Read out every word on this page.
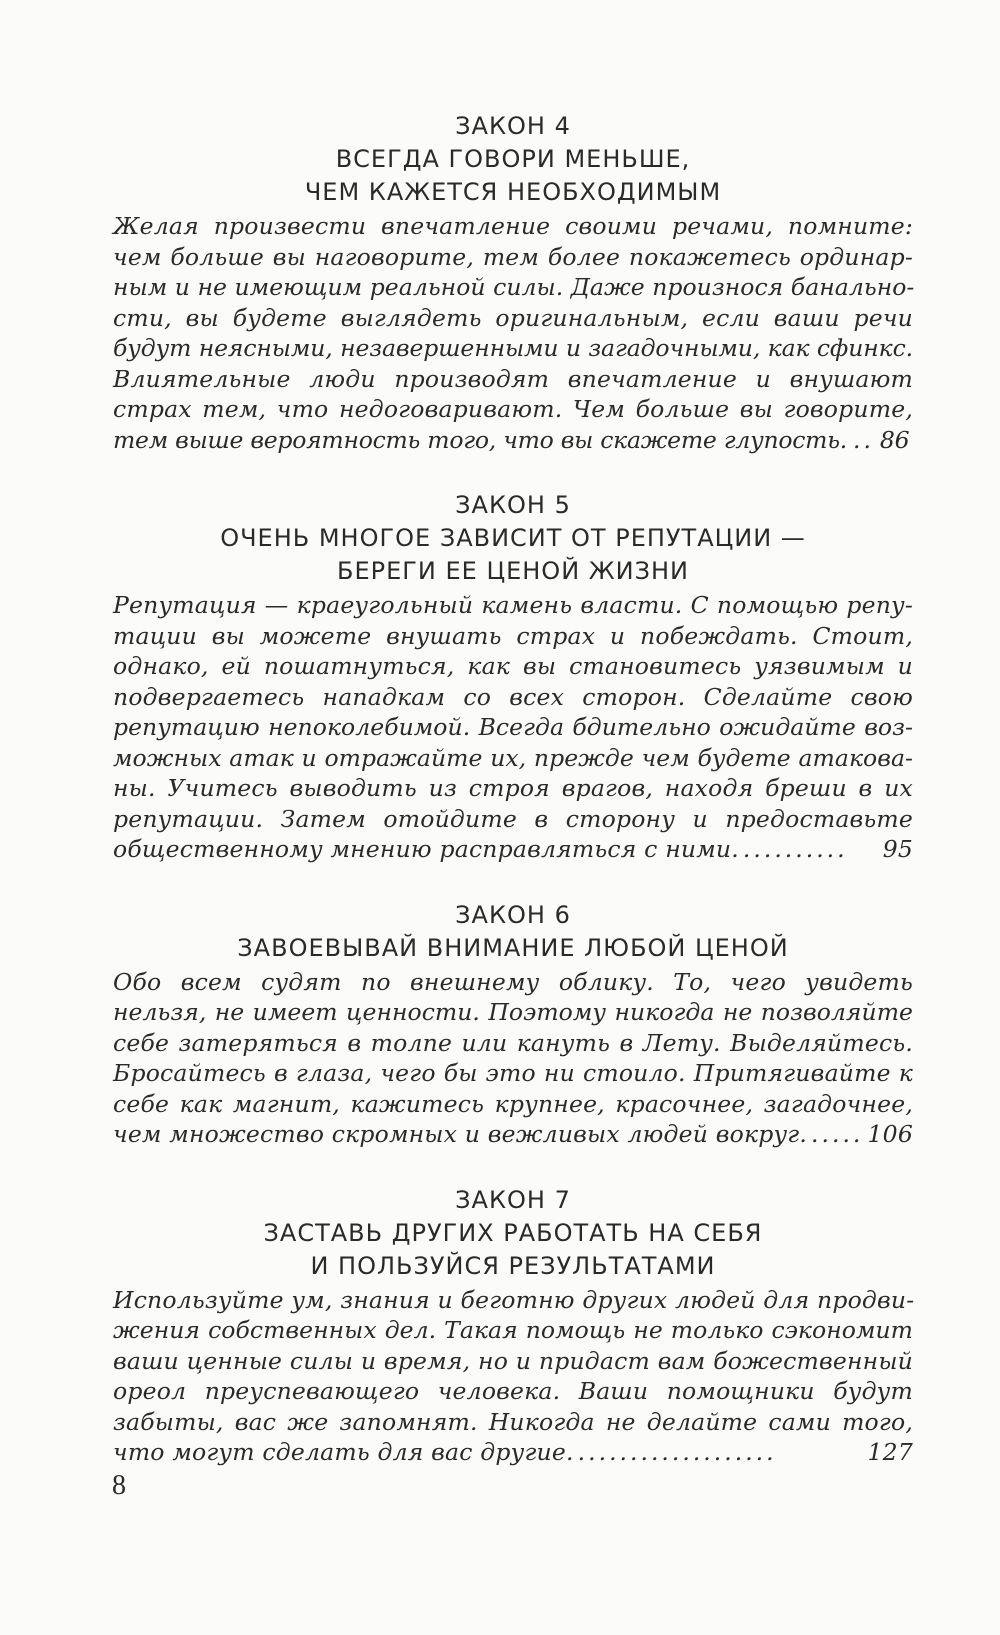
ЗАКОН 4
ВСЕГДА ГОВОРИ МЕНЬШЕ,
ЧЕМ КАЖЕТСЯ НЕОБХОДИМЫМ
Желая произвести впечатление своими речами, помните:
чем больше вы наговорите, тем более покажетесь ординар-
ным и не имеющим реальной силы. Даже произнося банально-
сти, вы будете выглядеть оригинальным, если ваши речи
будут неясными, незавершенными и загадочными, как сфинкс.
Влиятельные люди производят впечатление и внушают
страх тем, что недоговаривают. Чем больше вы говорите,
тем выше вероятность того, что вы скажете глупость. .. 86
ЗАКОН 5
ОЧЕНЬ МНОГОЕ ЗАВИСИТ ОТ РЕПУТАЦИИ —
БЕРЕГИ ЕЕ ЦЕНОЙ ЖИЗНИ
Репутация — краеугольный камень власти. С помощью репу-
тации вы можете внушать страх и побеждать. Стоит,
однако, ей пошатнуться, как вы становитесь уязвимым и
подвергаетесь нападкам со всех сторон. Сделайте свою
репутацию непоколебимой. Всегда бдительно ожидайте воз-
можных атак и отражайте их, прежде чем будете атакова-
ны. Учитесь выводить из строя врагов, находя бреши в их
репутации. Затем отойдите в сторону и предоставьте
общественному мнению расправляться с ними. ..........	95
ЗАКОН 6
ЗАВОЕВЫВАЙ ВНИМАНИЕ ЛЮБОЙ ЦЕНОЙ
Обо всем судят по внешнему облику. То, чего увидеть
нельзя, не имеет ценности. Поэтому никогда не позволяйте
себе затеряться в толпе или кануть в Лету. Выделяйтесь.
Бросайтесь в глаза, чего бы это ни стоило. Притягивайте к
себе как магнит, кажитесь крупнее, красочнее, загадочнее,
чем множество скромных и вежливых людей вокруг. ..... 106
ЗАКОН 7
ЗАСТАВЬ ДРУГИХ РАБОТАТЬ НА СЕБЯ
И ПОЛЬЗУЙСЯ РЕЗУЛЬТАТАМИ
Используйте ум, знания и беготню других людей для продви-
жения собственных дел. Такая помощь не только сэкономит
ваши ценные силы и время, но и придаст вам божественный
ореол преуспевающего человека. Ваши помощники будут
забыты, вас же запомнят. Никогда не делайте сами того,
что могут сделать для вас другие. ...................	127
8
